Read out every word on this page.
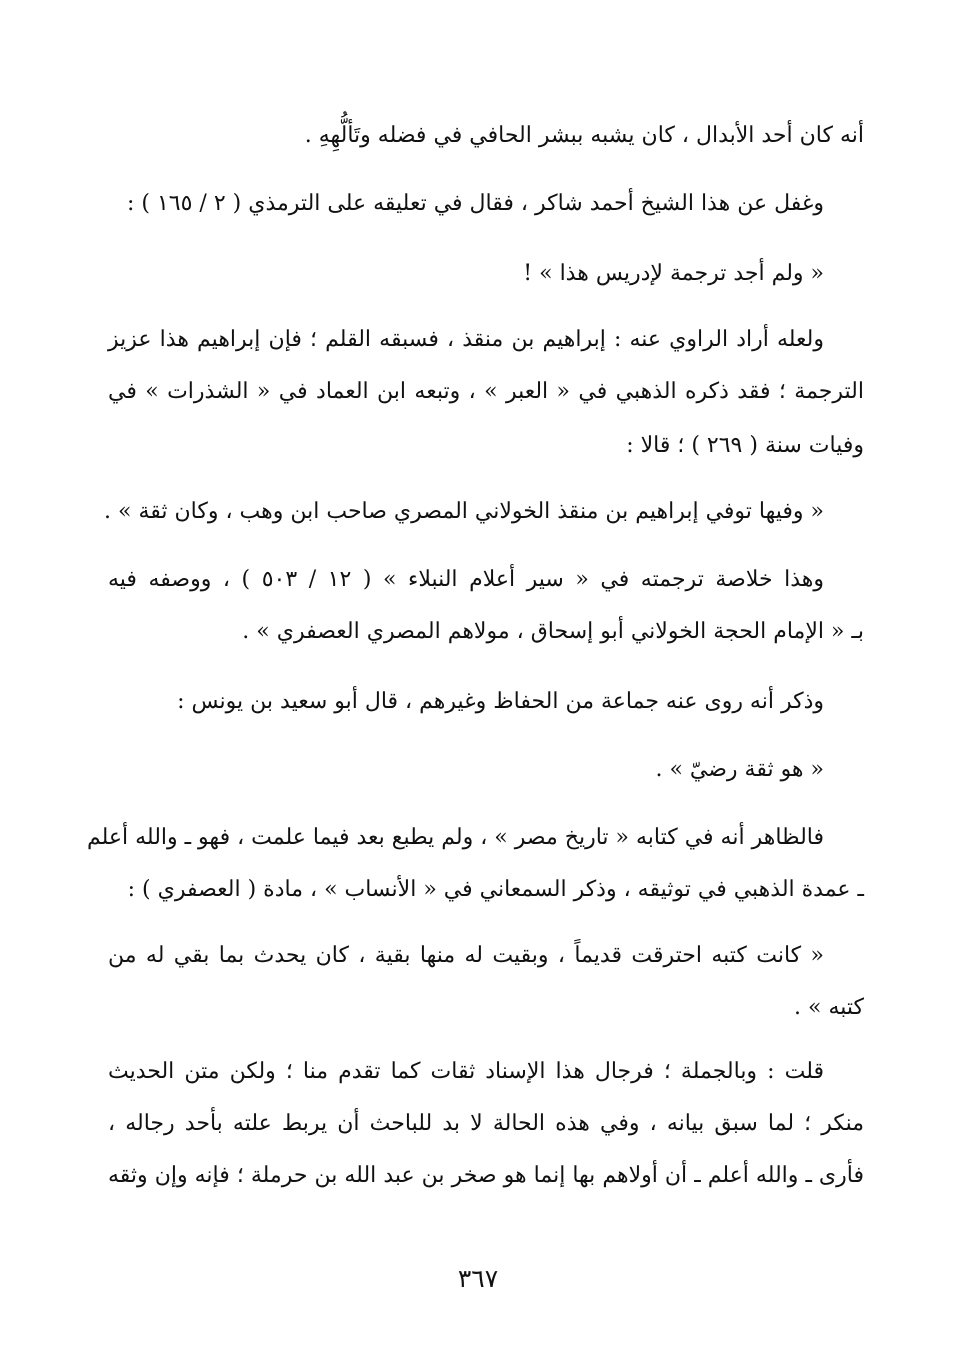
أنه كان أحد الأبدال ، كان يشبه ببشر الحافي في فضله وتَألُّهِهِ .
وغفل عن هذا الشيخ أحمد شاكر ، فقال في تعليقه على الترمذي ( ٢ / ١٦٥ ) :
« ولم أجد ترجمة لإدريس هذا » !
ولعله أراد الراوي عنه : إبراهيم بن منقذ ، فسبقه القلم ؛ فإن إبراهيم هذا عزيز
الترجمة ؛ فقد ذكره الذهبي في « العبر » ، وتبعه ابن العماد في « الشذرات » في
وفيات سنة ( ٢٦٩ ) ؛ قالا :
« وفيها توفي إبراهيم بن منقذ الخولاني المصري صاحب ابن وهب ، وكان ثقة » .
وهذا خلاصة ترجمته في « سير أعلام النبلاء » ( ١٢ / ٥٠٣ ) ، ووصفه فيه
بـ « الإمام الحجة الخولاني أبو إسحاق ، مولاهم المصري العصفري » .
وذكر أنه روى عنه جماعة من الحفاظ وغيرهم ، قال أبو سعيد بن يونس :
« هو ثقة رضيّ » .
فالظاهر أنه في كتابه « تاريخ مصر » ، ولم يطبع بعد فيما علمت ، فهو ـ والله أعلم
ـ عمدة الذهبي في توثيقه ، وذكر السمعاني في « الأنساب » ، مادة ( العصفري ) :
« كانت كتبه احترقت قديماً ، وبقيت له منها بقية ، كان يحدث بما بقي له من
كتبه » .
قلت : وبالجملة ؛ فرجال هذا الإسناد ثقات كما تقدم منا ؛ ولكن متن الحديث
منكر ؛ لما سبق بيانه ، وفي هذه الحالة لا بد للباحث أن يربط علته بأحد رجاله ،
فأرى ـ والله أعلم ـ أن أولاهم بها إنما هو صخر بن عبد الله بن حرملة ؛ فإنه وإن وثقه
٣٦٧
